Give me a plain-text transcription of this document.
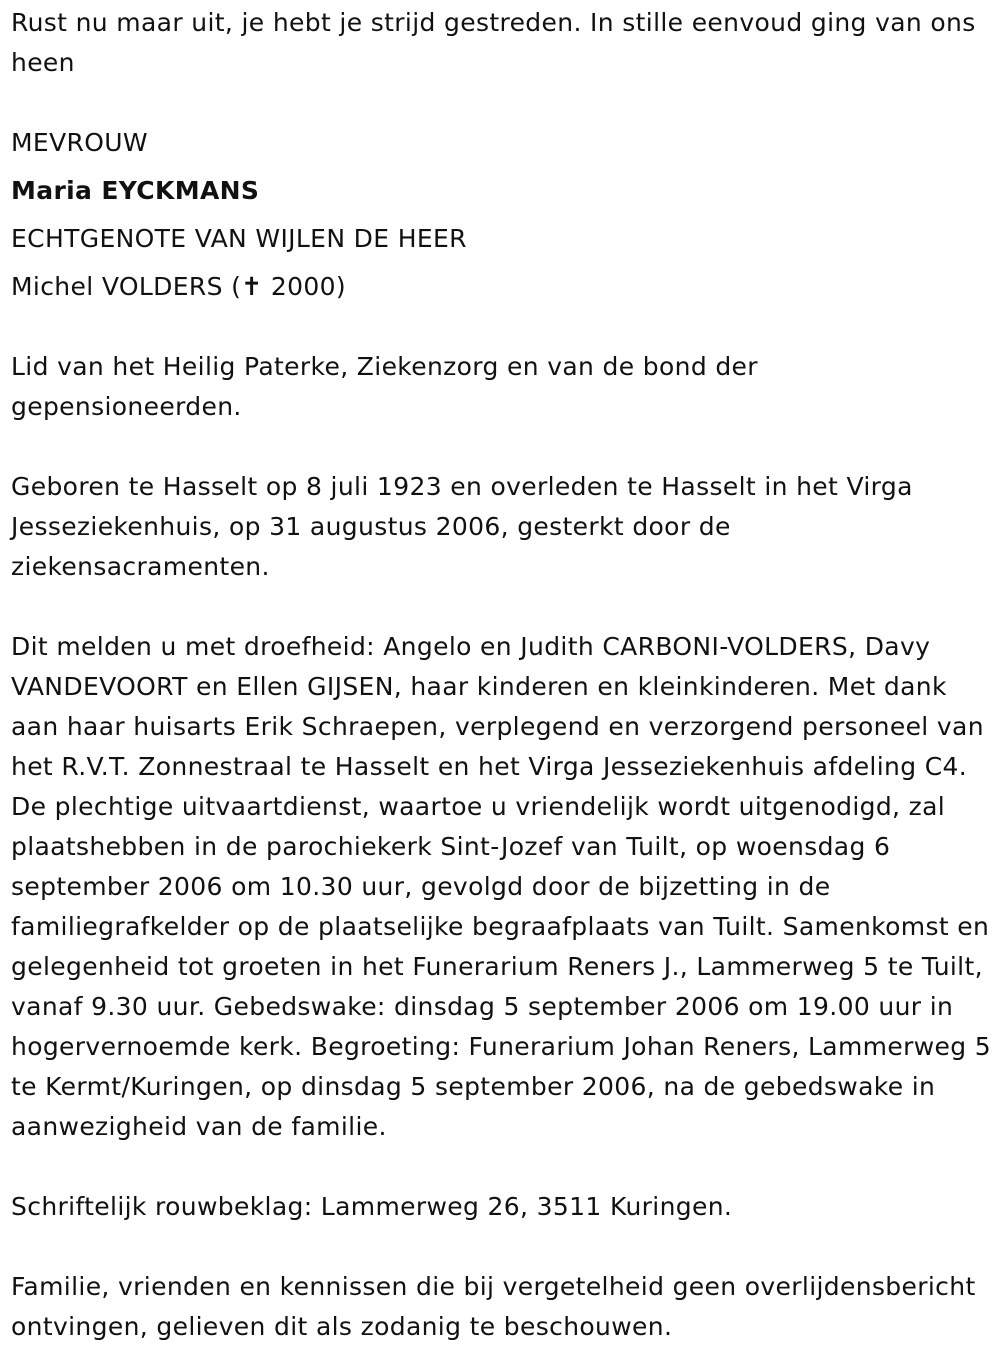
Rust nu maar uit, je hebt je strijd gestreden. In stille eenvoud ging van ons heen

MEVROUW

Maria EYCKMANS

ECHTGENOTE VAN WIJLEN DE HEER

Michel VOLDERS (✝ 2000)

Lid van het Heilig Paterke, Ziekenzorg en van de bond der gepensioneerden.

Geboren te Hasselt op 8 juli 1923 en overleden te Hasselt in het Virga Jesseziekenhuis, op 31 augustus 2006, gesterkt door de ziekensacramenten.

Dit melden u met droefheid: Angelo en Judith CARBONI-VOLDERS, Davy VANDEVOORT en Ellen GIJSEN, haar kinderen en kleinkinderen. Met dank aan haar huisarts Erik Schraepen, verplegend en verzorgend personeel van het R.V.T. Zonnestraal te Hasselt en het Virga Jesseziekenhuis afdeling C4. De plechtige uitvaartdienst, waartoe u vriendelijk wordt uitgenodigd, zal plaatshebben in de parochiekerk Sint-Jozef van Tuilt, op woensdag 6 september 2006 om 10.30 uur, gevolgd door de bijzetting in de familiegrafkelder op de plaatselijke begraafplaats van Tuilt. Samenkomst en gelegenheid tot groeten in het Funerarium Reners J., Lammerweg 5 te Tuilt, vanaf 9.30 uur. Gebedswake: dinsdag 5 september 2006 om 19.00 uur in hogervernoemde kerk. Begroeting: Funerarium Johan Reners, Lammerweg 5 te Kermt/Kuringen, op dinsdag 5 september 2006, na de gebedswake in aanwezigheid van de familie.

Schriftelijk rouwbeklag: Lammerweg 26, 3511 Kuringen.

Familie, vrienden en kennissen die bij vergetelheid geen overlijdensbericht ontvingen, gelieven dit als zodanig te beschouwen.
